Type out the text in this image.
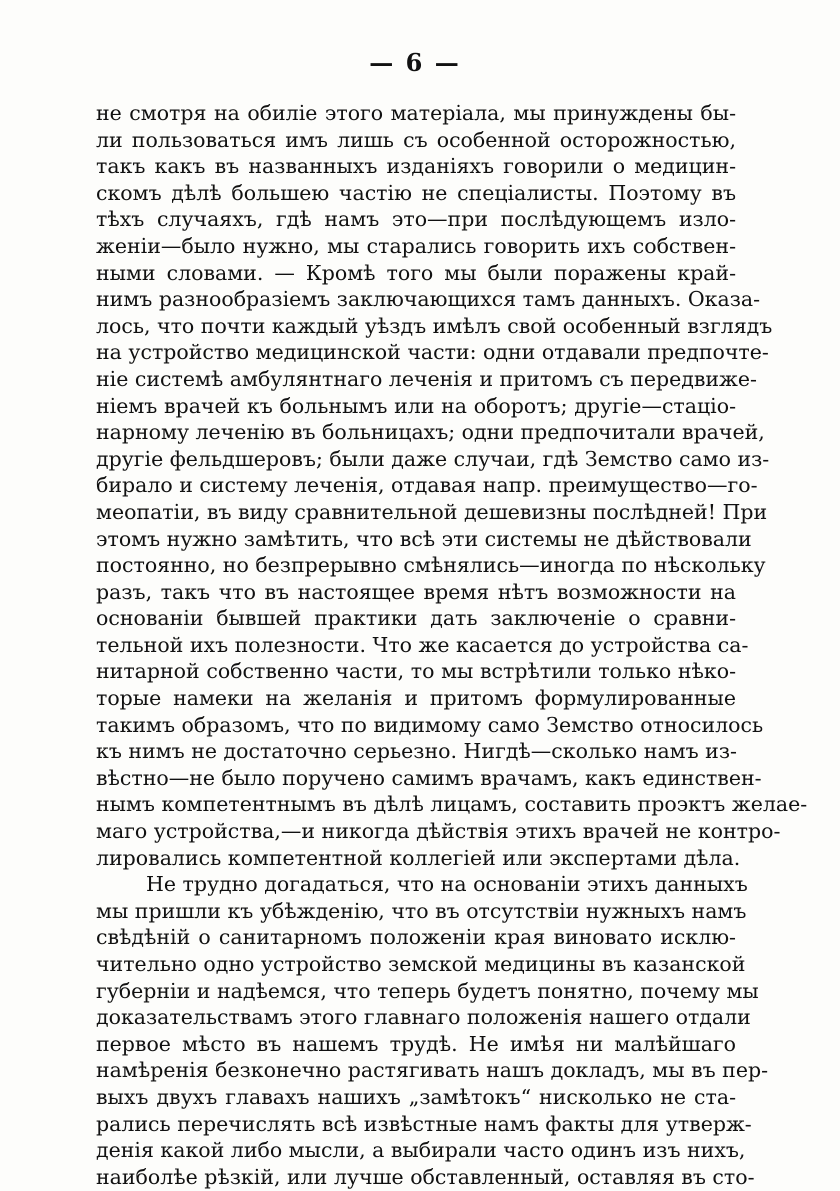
— 6 —
не смотря на обиліе этого матеріала, мы принуждены бы-
ли пользоваться имъ лишь съ особенной осторожностью,
такъ какъ въ названныхъ изданіяхъ говорили о медицин-
скомъ дѣлѣ большею частію не спеціалисты. Поэтому въ
тѣхъ случаяхъ, гдѣ намъ это—при послѣдующемъ изло-
женіи—было нужно, мы старались говорить ихъ собствен-
ными словами. — Кромѣ того мы были поражены край-
нимъ разнообразіемъ заключающихся тамъ данныхъ. Оказа-
лось, что почти каждый уѣздъ имѣлъ свой особенный взглядъ
на устройство медицинской части: одни отдавали предпочте-
ніе системѣ амбулянтнаго леченія и притомъ съ передвиже-
ніемъ врачей къ больнымъ или на оборотъ; другіе—стаціо-
нарному леченію въ больницахъ; одни предпочитали врачей,
другіе фельдшеровъ; были даже случаи, гдѣ Земство само из-
бирало и систему леченія, отдавая напр. преимущество—го-
меопатіи, въ виду сравнительной дешевизны послѣдней! При
этомъ нужно замѣтить, что всѣ эти системы не дѣйствовали
постоянно, но безпрерывно смѣнялись—иногда по нѣскольку
разъ, такъ что въ настоящее время нѣтъ возможности на
основаніи бывшей практики дать заключеніе о сравни-
тельной ихъ полезности. Что же касается до устройства са-
нитарной собственно части, то мы встрѣтили только нѣко-
торые намеки на желанія и притомъ формулированные
такимъ образомъ, что по видимому само Земство относилось
къ нимъ не достаточно серьезно. Нигдѣ—сколько намъ из-
вѣстно—не было поручено самимъ врачамъ, какъ единствен-
нымъ компетентнымъ въ дѣлѣ лицамъ, составить проэктъ желае-
маго устройства,—и никогда дѣйствія этихъ врачей не контро-
лировались компетентной коллегіей или экспертами дѣла.
Не трудно догадаться, что на основаніи этихъ данныхъ
мы пришли къ убѣжденію, что въ отсутствіи нужныхъ намъ
свѣдѣній о санитарномъ положеніи края виновато исклю-
чительно одно устройство земской медицины въ казанской
губерніи и надѣемся, что теперь будетъ понятно, почему мы
доказательствамъ этого главнаго положенія нашего отдали
первое мѣсто въ нашемъ трудѣ. Не имѣя ни малѣйшаго
намѣренія безконечно растягивать нашъ докладъ, мы въ пер-
выхъ двухъ главахъ нашихъ „замѣтокъ“ нисколько не ста-
рались перечислять всѣ извѣстные намъ факты для утверж-
денія какой либо мысли, а выбирали часто одинъ изъ нихъ,
наиболѣе рѣзкій, или лучше обставленный, оставляя въ сто-
